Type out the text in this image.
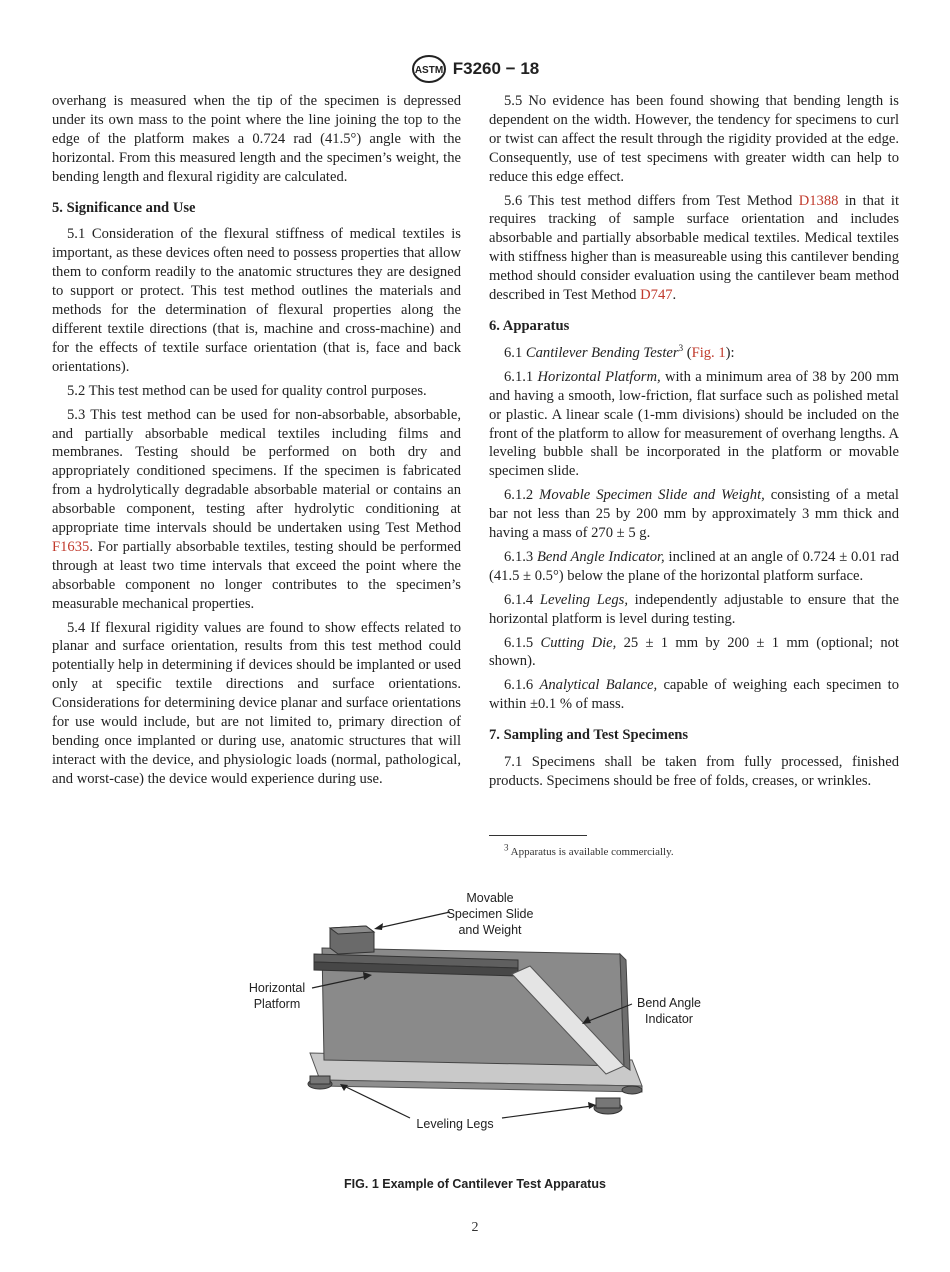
ASTM F3260 − 18

overhang is measured when the tip of the specimen is depressed under its own mass to the point where the line joining the top to the edge of the platform makes a 0.724 rad (41.5°) angle with the horizontal. From this measured length and the specimen’s weight, the bending length and flexural rigidity are calculated.

5. Significance and Use

5.1 Consideration of the flexural stiffness of medical textiles is important, as these devices often need to possess properties that allow them to conform readily to the anatomic structures they are designed to support or protect. This test method outlines the materials and methods for the determination of flexural properties along the different textile directions (that is, machine and cross-machine) and for the effects of textile surface orientation (that is, face and back orientations).

5.2 This test method can be used for quality control purposes.

5.3 This test method can be used for non-absorbable, absorbable, and partially absorbable medical textiles including films and membranes. Testing should be performed on both dry and appropriately conditioned specimens. If the specimen is fabricated from a hydrolytically degradable absorbable material or contains an absorbable component, testing after hydrolytic conditioning at appropriate time intervals should be undertaken using Test Method F1635. For partially absorbable textiles, testing should be performed through at least two time intervals that exceed the point where the absorbable component no longer contributes to the specimen’s measurable mechanical properties.

5.4 If flexural rigidity values are found to show effects related to planar and surface orientation, results from this test method could potentially help in determining if devices should be implanted or used only at specific textile directions and surface orientations. Considerations for determining device planar and surface orientations for use would include, but are not limited to, primary direction of bending once implanted or during use, anatomic structures that will interact with the device, and physiologic loads (normal, pathological, and worst-case) the device would experience during use.

5.5 No evidence has been found showing that bending length is dependent on the width. However, the tendency for specimens to curl or twist can affect the result through the rigidity provided at the edge. Consequently, use of test specimens with greater width can help to reduce this edge effect.

5.6 This test method differs from Test Method D1388 in that it requires tracking of sample surface orientation and includes absorbable and partially absorbable medical textiles. Medical textiles with stiffness higher than is measureable using this cantilever bending method should consider evaluation using the cantilever beam method described in Test Method D747.

6. Apparatus

6.1 Cantilever Bending Tester$^3$ (Fig. 1):

6.1.1 Horizontal Platform, with a minimum area of 38 by 200 mm and having a smooth, low-friction, flat surface such as polished metal or plastic. A linear scale (1-mm divisions) should be included on the front of the platform to allow for measurement of overhang lengths. A leveling bubble shall be incorporated in the platform or movable specimen slide.

6.1.2 Movable Specimen Slide and Weight, consisting of a metal bar not less than 25 by 200 mm by approximately 3 mm thick and having a mass of 270 ± 5 g.

6.1.3 Bend Angle Indicator, inclined at an angle of 0.724 ± 0.01 rad (41.5 ± 0.5°) below the plane of the horizontal platform surface.

6.1.4 Leveling Legs, independently adjustable to ensure that the horizontal platform is level during testing.

6.1.5 Cutting Die, 25 ± 1 mm by 200 ± 1 mm (optional; not shown).

6.1.6 Analytical Balance, capable of weighing each specimen to within ±0.1 % of mass.

7. Sampling and Test Specimens

7.1 Specimens shall be taken from fully processed, finished products. Specimens should be free of folds, creases, or wrinkles.

$^3$ Apparatus is available commercially.
Movable
Specimen Slide
and Weight
Horizontal
Platform	Bend Angle
Indicator
Leveling Legs
FIG. 1 Example of Cantilever Test Apparatus
2
